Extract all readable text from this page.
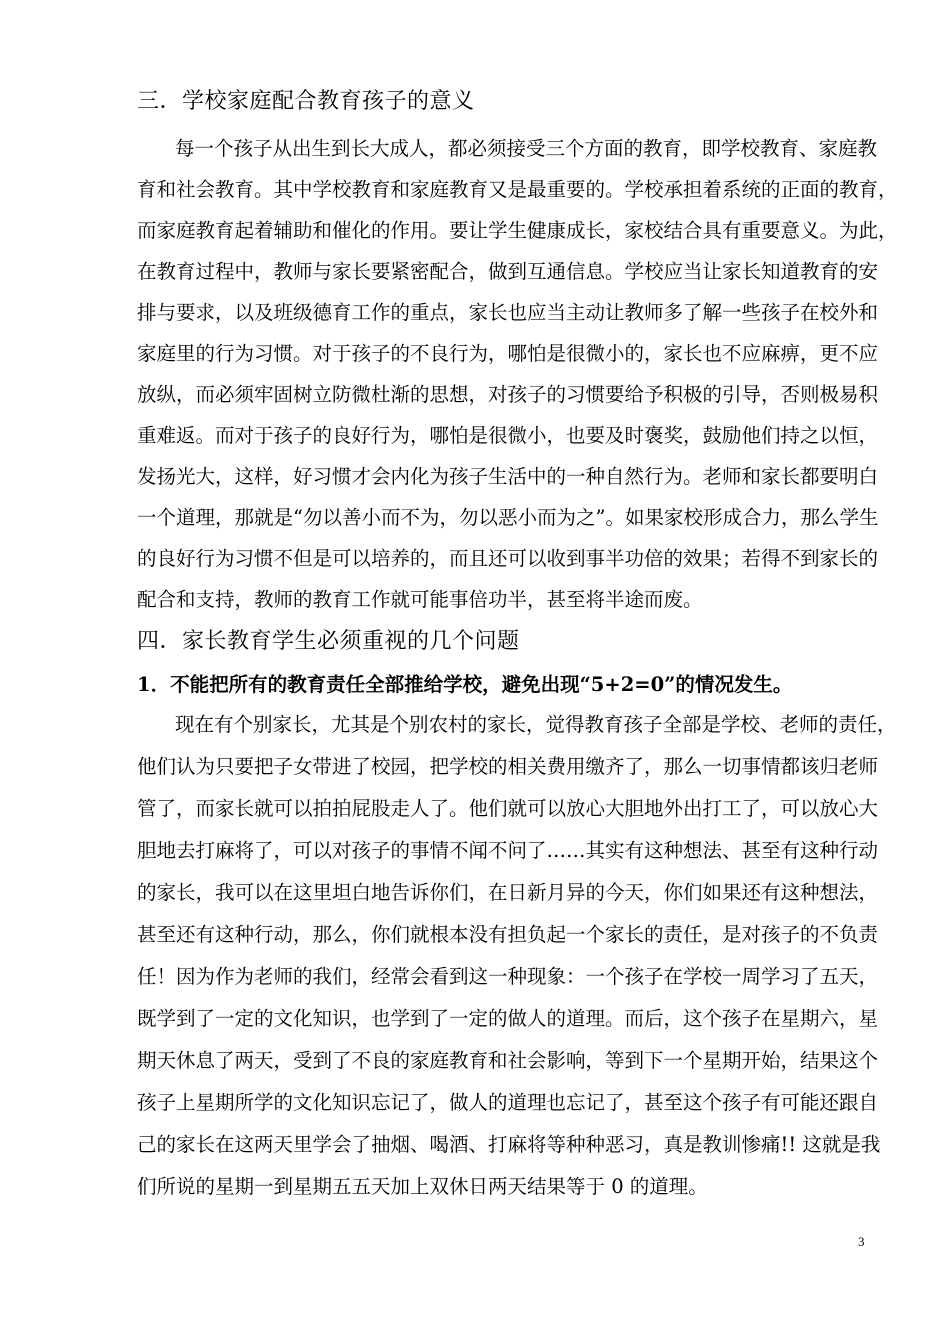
三．学校家庭配合教育孩子的意义
每一个孩子从出生到长大成人，都必须接受三个方面的教育，即学校教育、家庭教
育和社会教育。其中学校教育和家庭教育又是最重要的。学校承担着系统的正面的教育，
而家庭教育起着辅助和催化的作用。要让学生健康成长，家校结合具有重要意义。为此，
在教育过程中，教师与家长要紧密配合，做到互通信息。学校应当让家长知道教育的安
排与要求，以及班级德育工作的重点，家长也应当主动让教师多了解一些孩子在校外和
家庭里的行为习惯。对于孩子的不良行为，哪怕是很微小的，家长也不应麻痹，更不应
放纵，而必须牢固树立防微杜渐的思想，对孩子的习惯要给予积极的引导，否则极易积
重难返。而对于孩子的良好行为，哪怕是很微小，也要及时褒奖，鼓励他们持之以恒，
发扬光大，这样，好习惯才会内化为孩子生活中的一种自然行为。老师和家长都要明白
一个道理，那就是“勿以善小而不为，勿以恶小而为之”。如果家校形成合力，那么学生
的良好行为习惯不但是可以培养的，而且还可以收到事半功倍的效果；若得不到家长的
配合和支持，教师的教育工作就可能事倍功半，甚至将半途而废。
四．家长教育学生必须重视的几个问题
1．不能把所有的教育责任全部推给学校，避免出现“5+2=0”的情况发生。
现在有个别家长，尤其是个别农村的家长，觉得教育孩子全部是学校、老师的责任，
他们认为只要把子女带进了校园，把学校的相关费用缴齐了，那么一切事情都该归老师
管了，而家长就可以拍拍屁股走人了。他们就可以放心大胆地外出打工了，可以放心大
胆地去打麻将了，可以对孩子的事情不闻不问了……其实有这种想法、甚至有这种行动
的家长，我可以在这里坦白地告诉你们，在日新月异的今天，你们如果还有这种想法，
甚至还有这种行动，那么，你们就根本没有担负起一个家长的责任，是对孩子的不负责
任！因为作为老师的我们，经常会看到这一种现象：一个孩子在学校一周学习了五天，
既学到了一定的文化知识，也学到了一定的做人的道理。而后，这个孩子在星期六，星
期天休息了两天，受到了不良的家庭教育和社会影响，等到下一个星期开始，结果这个
孩子上星期所学的文化知识忘记了，做人的道理也忘记了，甚至这个孩子有可能还跟自
己的家长在这两天里学会了抽烟、喝酒、打麻将等种种恶习，真是教训惨痛!! 这就是我
们所说的星期一到星期五五天加上双休日两天结果等于 0 的道理。
3
